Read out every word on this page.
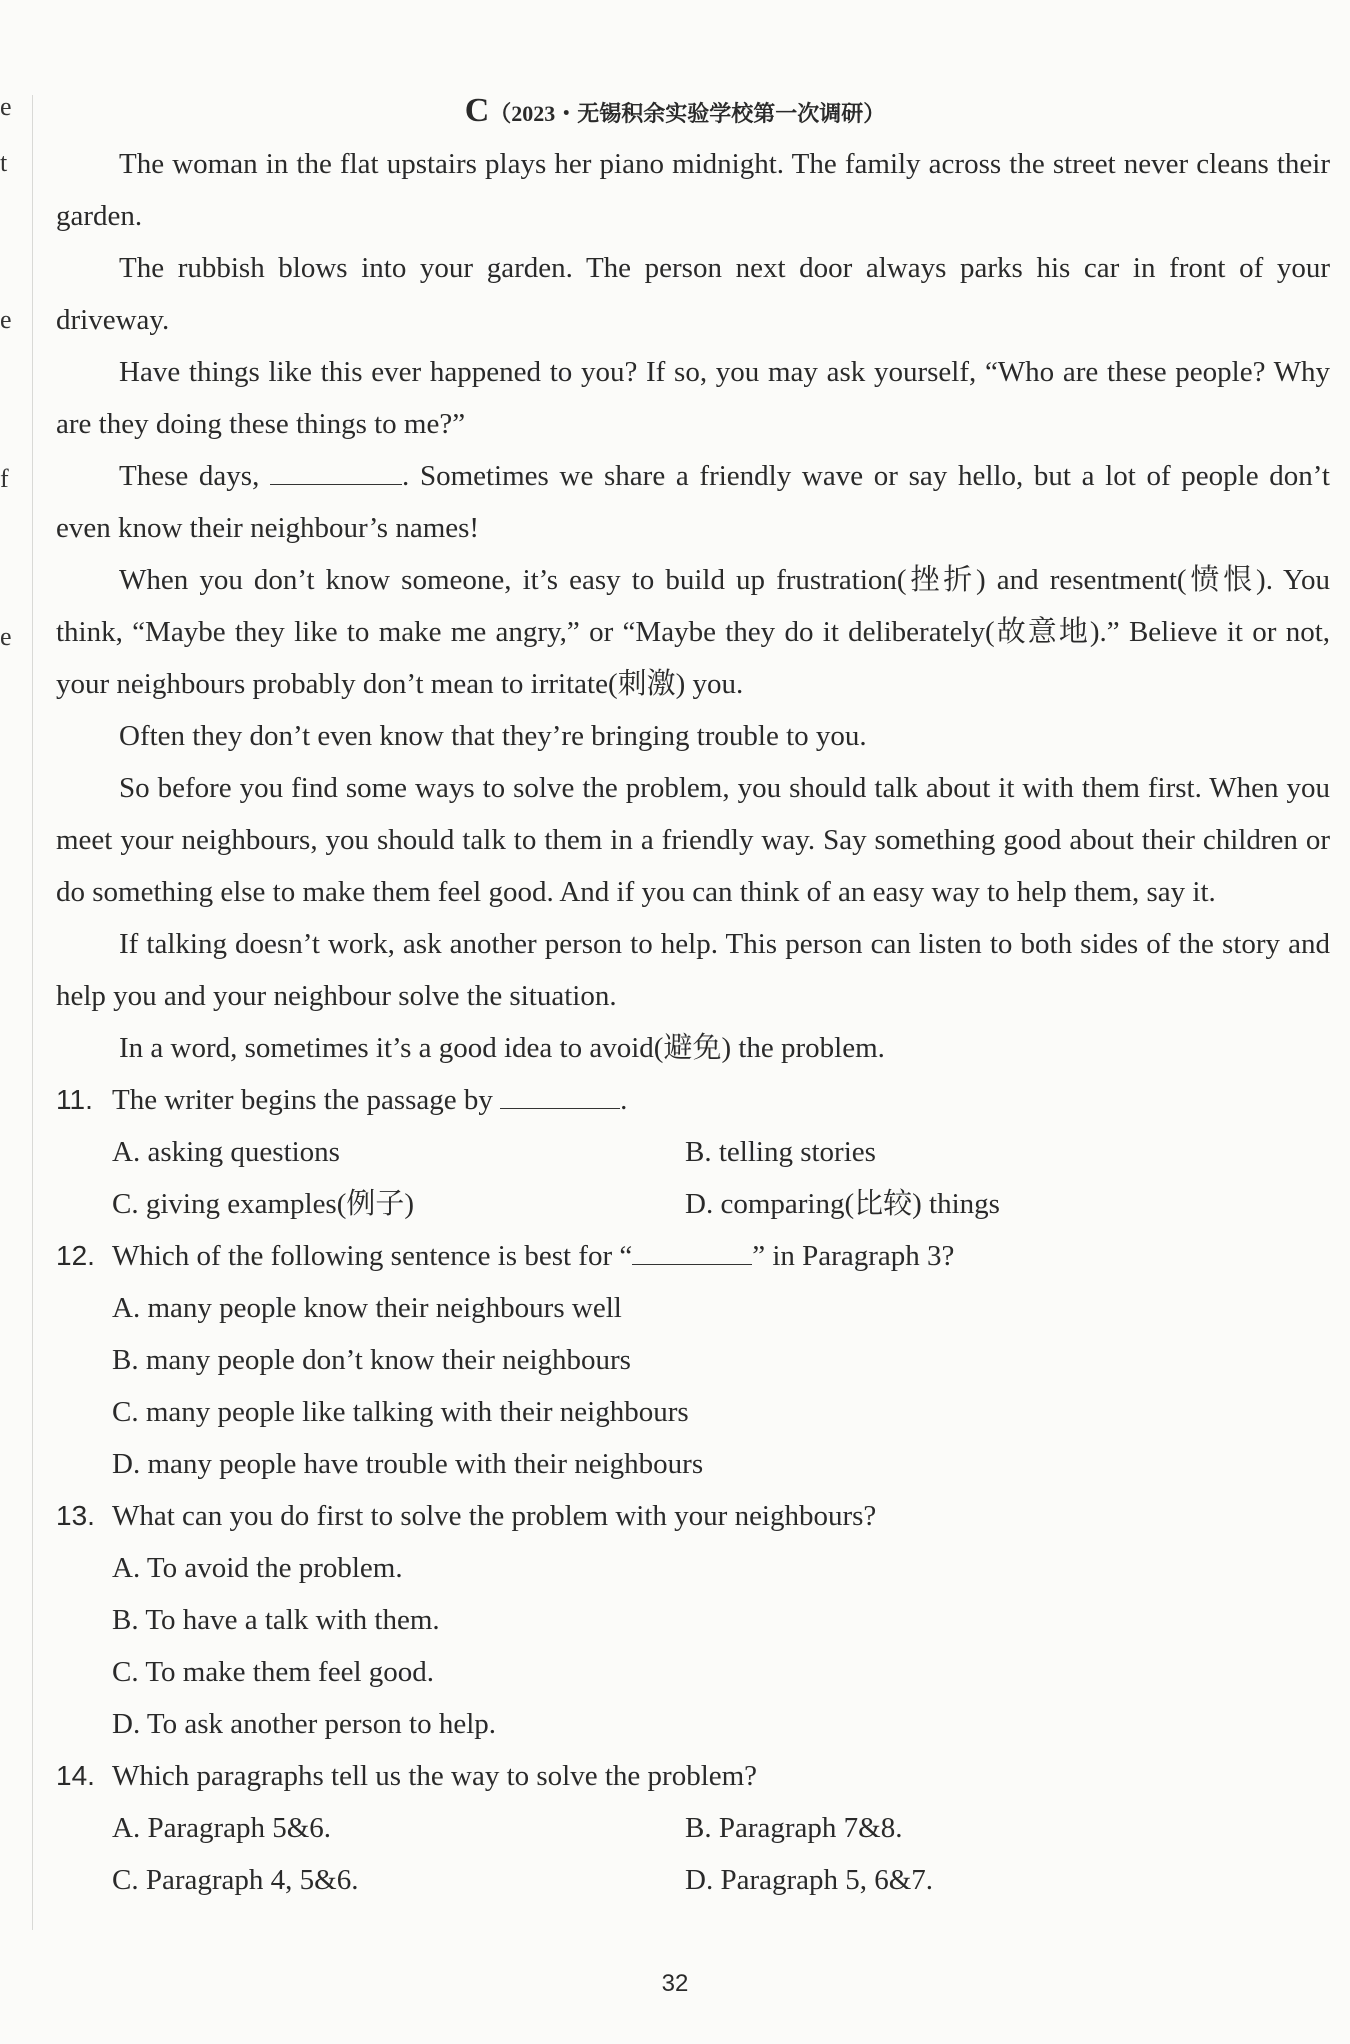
e
t
e
f
e
C（2023・无锡积余实验学校第一次调研）

The woman in the flat upstairs plays her piano midnight. The family across the street never cleans their garden.

The rubbish blows into your garden. The person next door always parks his car in front of your driveway.

Have things like this ever happened to you? If so, you may ask yourself, “Who are these people? Why are they doing these things to me?”

These days,	. Sometimes we share a friendly wave or say hello, but a lot of people don’t even know their neighbour’s names!

When you don’t know someone, it’s easy to build up frustration(挫折) and resentment(愤恨). You think, “Maybe they like to make me angry,” or “Maybe they do it deliberately(故意地).” Believe it or not, your neighbours probably don’t mean to irritate(刺激) you.

Often they don’t even know that they’re bringing trouble to you.

So before you find some ways to solve the problem, you should talk about it with them first. When you meet your neighbours, you should talk to them in a friendly way. Say something good about their children or do something else to make them feel good. And if you can think of an easy way to help them, say it.

If talking doesn’t work, ask another person to help. This person can listen to both sides of the story and help you and your neighbour solve the situation.

In a word, sometimes it’s a good idea to avoid(避免) the problem.

11. The writer begins the passage by	.

A. asking questions	B. telling stories
C. giving examples(例子)	D. comparing(比较) things

12. Which of the following sentence is best for “	” in Paragraph 3?

A. many people know their neighbours well
B. many people don’t know their neighbours
C. many people like talking with their neighbours
D. many people have trouble with their neighbours

13. What can you do first to solve the problem with your neighbours?

A. To avoid the problem.
B. To have a talk with them.
C. To make them feel good.
D. To ask another person to help.

14. Which paragraphs tell us the way to solve the problem?

A. Paragraph 5&6.	B. Paragraph 7&8.
C. Paragraph 4, 5&6.	D. Paragraph 5, 6&7.
32
